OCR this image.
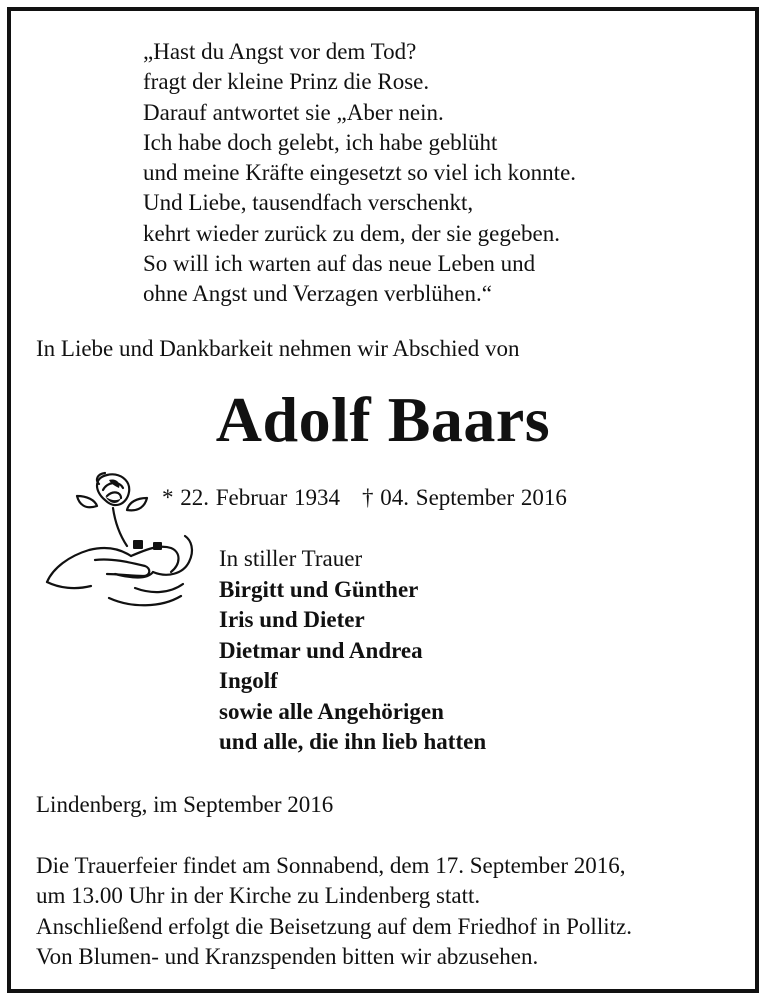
„Hast du Angst vor dem Tod?
fragt der kleine Prinz die Rose.
Darauf antwortet sie „Aber nein.
Ich habe doch gelebt, ich habe geblüht
und meine Kräfte eingesetzt so viel ich konnte.
Und Liebe, tausendfach verschenkt,
kehrt wieder zurück zu dem, der sie gegeben.
So will ich warten auf das neue Leben und
ohne Angst und Verzagen verblühen.“
In Liebe und Dankbarkeit nehmen wir Abschied von
Adolf Baars
* 22. Februar 1934 † 04. September 2016
In stiller Trauer
Birgitt und Günther
Iris und Dieter
Dietmar und Andrea
Ingolf
sowie alle Angehörigen
und alle, die ihn lieb hatten
Lindenberg, im September 2016
Die Trauerfeier findet am Sonnabend, dem 17. September 2016,
um 13.00 Uhr in der Kirche zu Lindenberg statt.
Anschließend erfolgt die Beisetzung auf dem Friedhof in Pollitz.
Von Blumen- und Kranzspenden bitten wir abzusehen.
